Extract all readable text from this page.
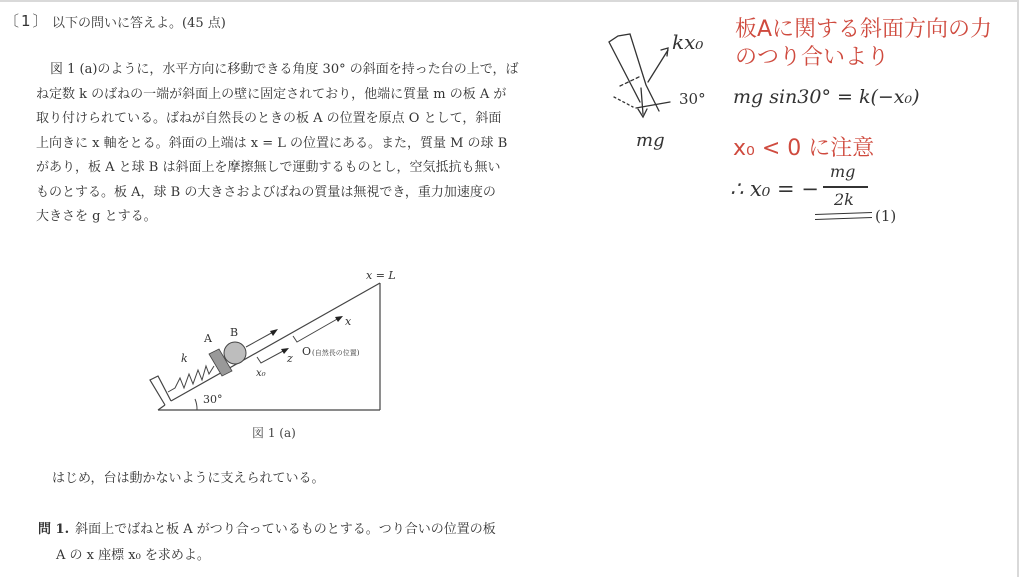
〔1〕 以下の問いに答えよ。(45 点)
図 1 (a)のように，水平方向に移動できる角度 30° の斜面を持った台の上で，ば
ね定数 k のばねの一端が斜面上の壁に固定されており，他端に質量 m の板 A が
取り付けられている。ばねが自然長のときの板 A の位置を原点 O として，斜面
上向きに x 軸をとる。斜面の上端は x = L の位置にある。また，質量 M の球 B
があり，板 A と球 B は斜面上を摩擦無しで運動するものとし，空気抵抗も無い
ものとする。板 A，球 B の大きさおよびばねの質量は無視でき，重力加速度の
大きさを g とする。
x = L
x
z
A B
k
x₀
O (自然長の位置)
30°
図 1 (a)
はじめ，台は動かないように支えられている。
問 1. 斜面上でばねと板 A がつり合っているものとする。つり合いの位置の板
A の x 座標 x₀ を求めよ。
kx₀
30°
mg
板Aに関する斜面方向の力
のつり合いより
mg sin30° = k(−x₀)
x₀ < 0 に注意
∴ x₀ = −
mg
2k
(1)
